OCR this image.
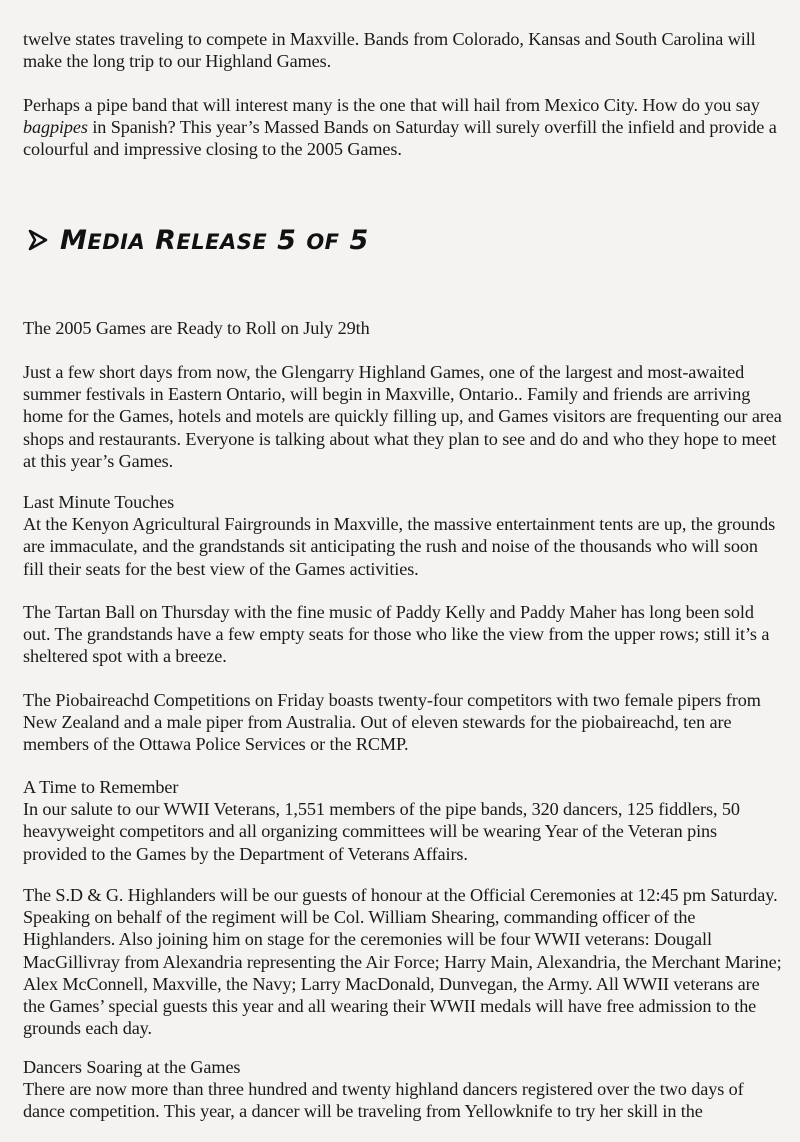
twelve states traveling to compete in Maxville. Bands from Colorado, Kansas and South Carolina will make the long trip to our Highland Games.

Perhaps a pipe band that will interest many is the one that will hail from Mexico City. How do you say bagpipes in Spanish? This year’s Massed Bands on Saturday will surely overfill the infield and provide a colourful and impressive closing to the 2005 Games.

MEDIA RELEASE 5 OF 5

The 2005 Games are Ready to Roll on July 29th

Just a few short days from now, the Glengarry Highland Games, one of the largest and most-awaited summer festivals in Eastern Ontario, will begin in Maxville, Ontario.. Family and friends are arriving home for the Games, hotels and motels are quickly filling up, and Games visitors are frequenting our area shops and restaurants. Everyone is talking about what they plan to see and do and who they hope to meet at this year’s Games.

Last Minute Touches
At the Kenyon Agricultural Fairgrounds in Maxville, the massive entertainment tents are up, the grounds are immaculate, and the grandstands sit anticipating the rush and noise of the thousands who will soon fill their seats for the best view of the Games activities.

The Tartan Ball on Thursday with the fine music of Paddy Kelly and Paddy Maher has long been sold out. The grandstands have a few empty seats for those who like the view from the upper rows; still it’s a sheltered spot with a breeze.

The Piobaireachd Competitions on Friday boasts twenty-four competitors with two female pipers from New Zealand and a male piper from Australia. Out of eleven stewards for the piobaireachd, ten are members of the Ottawa Police Services or the RCMP.

A Time to Remember
In our salute to our WWII Veterans, 1,551 members of the pipe bands, 320 dancers, 125 fiddlers, 50 heavyweight competitors and all organizing committees will be wearing Year of the Veteran pins provided to the Games by the Department of Veterans Affairs.

The S.D & G. Highlanders will be our guests of honour at the Official Ceremonies at 12:45 pm Saturday. Speaking on behalf of the regiment will be Col. William Shearing, commanding officer of the Highlanders. Also joining him on stage for the ceremonies will be four WWII veterans: Dougall MacGillivray from Alexandria representing the Air Force; Harry Main, Alexandria, the Merchant Marine; Alex McConnell, Maxville, the Navy; Larry MacDonald, Dunvegan, the Army. All WWII veterans are the Games’ special guests this year and all wearing their WWII medals will have free admission to the grounds each day.

Dancers Soaring at the Games
There are now more than three hundred and twenty highland dancers registered over the two days of dance competition. This year, a dancer will be traveling from Yellowknife to try her skill in the
